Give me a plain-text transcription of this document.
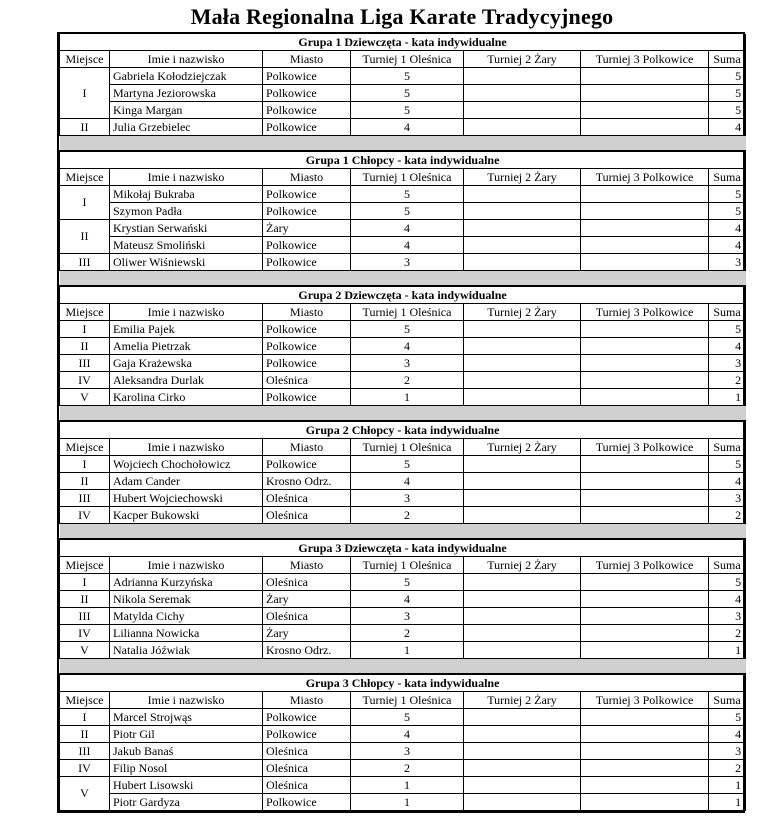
Mała Regionalna Liga Karate Tradycyjnego
Grupa 1 Dziewczęta - kata indywidualne						
Miejsce	Imie i nazwisko	Miasto	Turniej 1 Oleśnica	Turniej 2 Żary	Turniej 3 Polkowice	Suma
I	Gabriela Kołodziejczak	Polkowice	5			5
	Martyna Jeziorowska	Polkowice	5			5
	Kinga Margan	Polkowice	5			5
II	Julia Grzebielec	Polkowice	4			4

Grupa 1 Chłopcy - kata indywidualne						
Miejsce	Imie i nazwisko	Miasto	Turniej 1 Oleśnica	Turniej 2 Żary	Turniej 3 Polkowice	Suma
I	Mikołaj Bukraba	Polkowice	5			5
	Szymon Padła	Polkowice	5			5
II	Krystian Serwański	Żary	4			4
	Mateusz Smoliński	Polkowice	4			4
III	Oliwer Wiśniewski	Polkowice	3			3

Grupa 2 Dziewczęta - kata indywidualne						
Miejsce	Imie i nazwisko	Miasto	Turniej 1 Oleśnica	Turniej 2 Żary	Turniej 3 Polkowice	Suma
I	Emilia Pajek	Polkowice	5			5
II	Amelia Pietrzak	Polkowice	4			4
III	Gaja Krażewska	Polkowice	3			3
IV	Aleksandra Durlak	Oleśnica	2			2
V	Karolina Cirko	Polkowice	1			1

Grupa 2 Chłopcy - kata indywidualne						
Miejsce	Imie i nazwisko	Miasto	Turniej 1 Oleśnica	Turniej 2 Żary	Turniej 3 Polkowice	Suma
I	Wojciech Chochołowicz	Polkowice	5			5
II	Adam Cander	Krosno Odrz.	4			4
III	Hubert Wojciechowski	Oleśnica	3			3
IV	Kacper Bukowski	Oleśnica	2			2

Grupa 3 Dziewczęta - kata indywidualne						
Miejsce	Imie i nazwisko	Miasto	Turniej 1 Oleśnica	Turniej 2 Żary	Turniej 3 Polkowice	Suma
I	Adrianna Kurzyńska	Oleśnica	5			5
II	Nikola Seremak	Żary	4			4
III	Matylda Cichy	Oleśnica	3			3
IV	Lilianna Nowicka	Żary	2			2
V	Natalia Jóźwiak	Krosno Odrz.	1			1

Grupa 3 Chłopcy - kata indywidualne						
Miejsce	Imie i nazwisko	Miasto	Turniej 1 Oleśnica	Turniej 2 Żary	Turniej 3 Polkowice	Suma
I	Marcel Strojwąs	Polkowice	5			5
II	Piotr Gil	Polkowice	4			4
III	Jakub Banaś	Oleśnica	3			3
IV	Filip Nosol	Oleśnica	2			2
V	Hubert Lisowski	Oleśnica	1			1
	Piotr Gardyza	Polkowice	1			1
